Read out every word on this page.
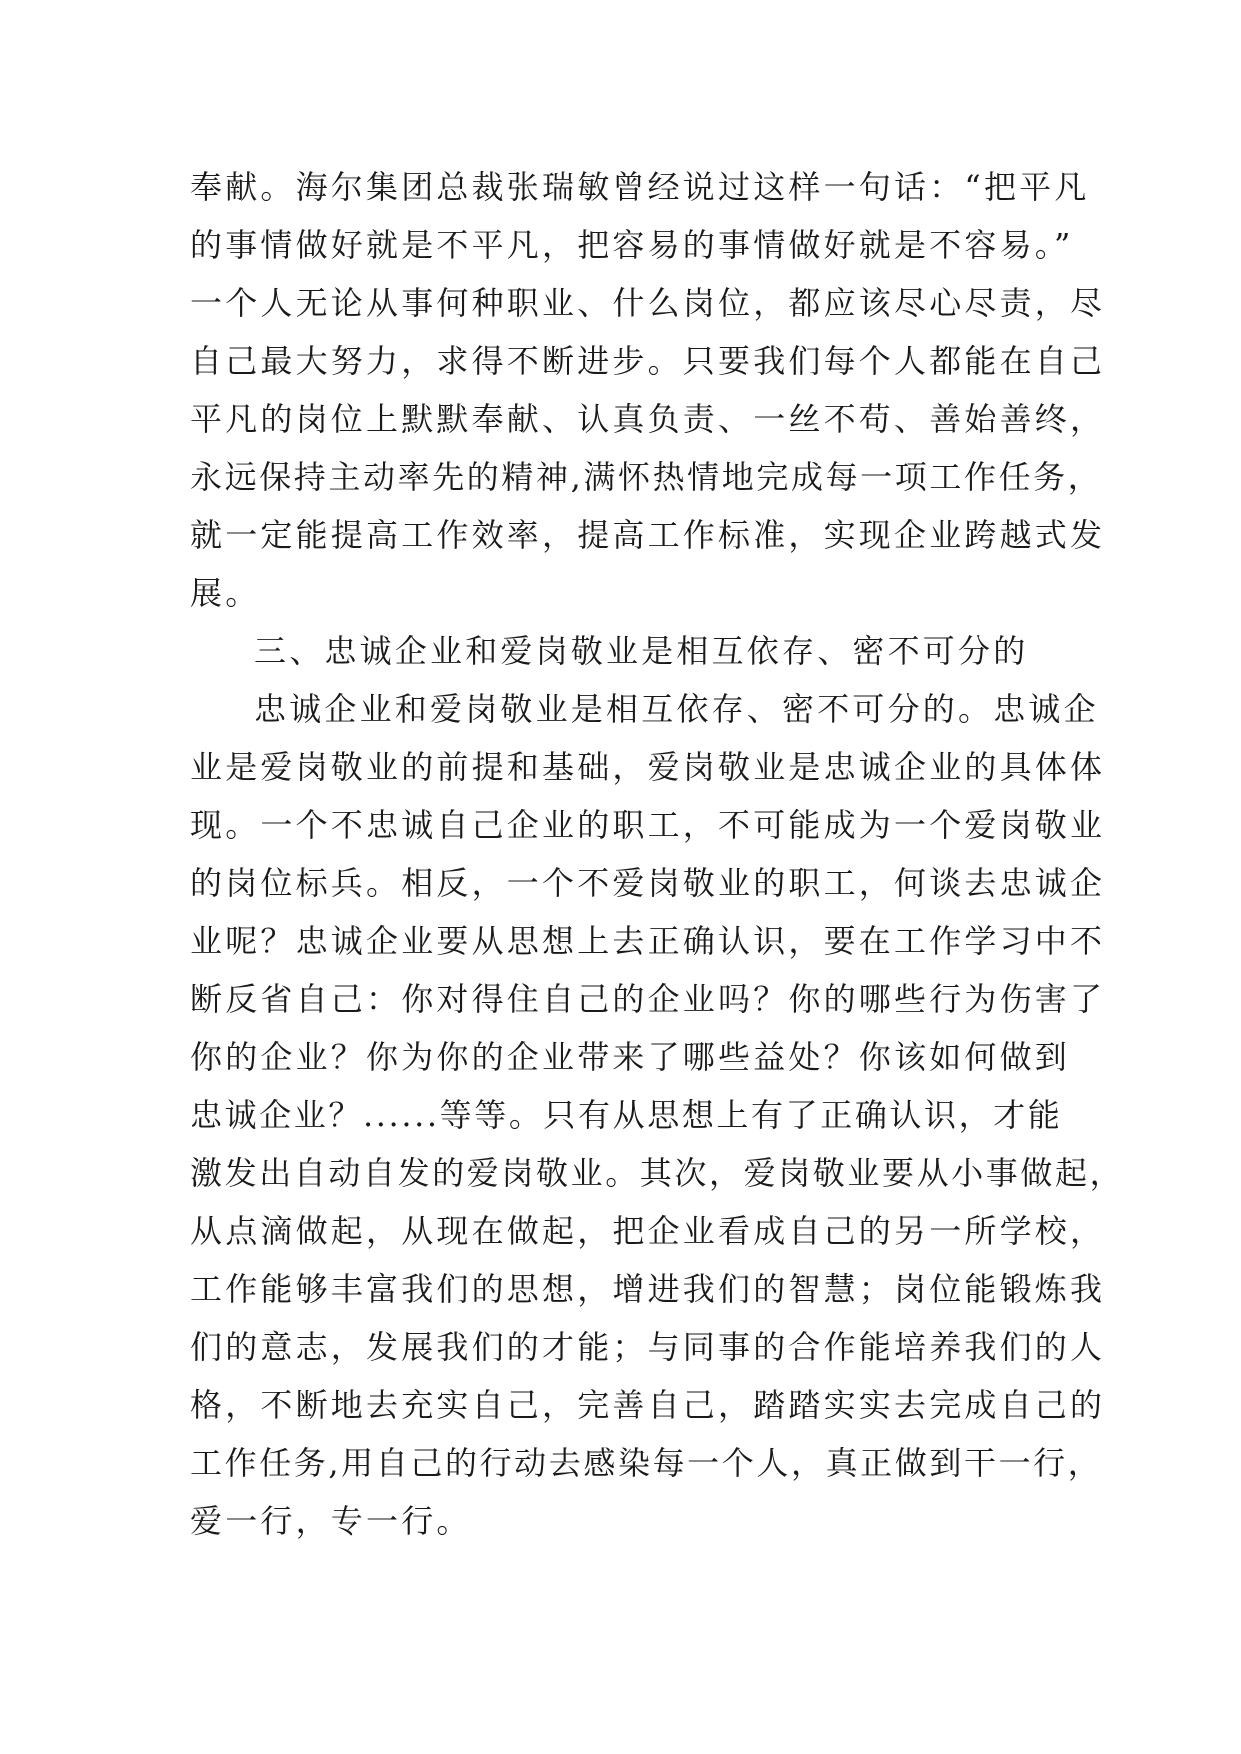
奉献。海尔集团总裁张瑞敏曾经说过这样一句话：“把平凡
的事情做好就是不平凡，把容易的事情做好就是不容易。”
一个人无论从事何种职业、什么岗位，都应该尽心尽责，尽
自己最大努力，求得不断进步。只要我们每个人都能在自己
平凡的岗位上默默奉献、认真负责、一丝不苟、善始善终，
永远保持主动率先的精神,满怀热情地完成每一项工作任务，
就一定能提高工作效率，提高工作标准，实现企业跨越式发
展。
三、忠诚企业和爱岗敬业是相互依存、密不可分的
忠诚企业和爱岗敬业是相互依存、密不可分的。忠诚企
业是爱岗敬业的前提和基础，爱岗敬业是忠诚企业的具体体
现。一个不忠诚自己企业的职工，不可能成为一个爱岗敬业
的岗位标兵。相反，一个不爱岗敬业的职工，何谈去忠诚企
业呢？忠诚企业要从思想上去正确认识，要在工作学习中不
断反省自己：你对得住自己的企业吗？你的哪些行为伤害了
你的企业？你为你的企业带来了哪些益处？你该如何做到
忠诚企业？......等等。只有从思想上有了正确认识，才能
激发出自动自发的爱岗敬业。其次，爱岗敬业要从小事做起，
从点滴做起，从现在做起，把企业看成自己的另一所学校，
工作能够丰富我们的思想，增进我们的智慧；岗位能锻炼我
们的意志，发展我们的才能；与同事的合作能培养我们的人
格，不断地去充实自己，完善自己，踏踏实实去完成自己的
工作任务,用自己的行动去感染每一个人，真正做到干一行，
爱一行，专一行。
